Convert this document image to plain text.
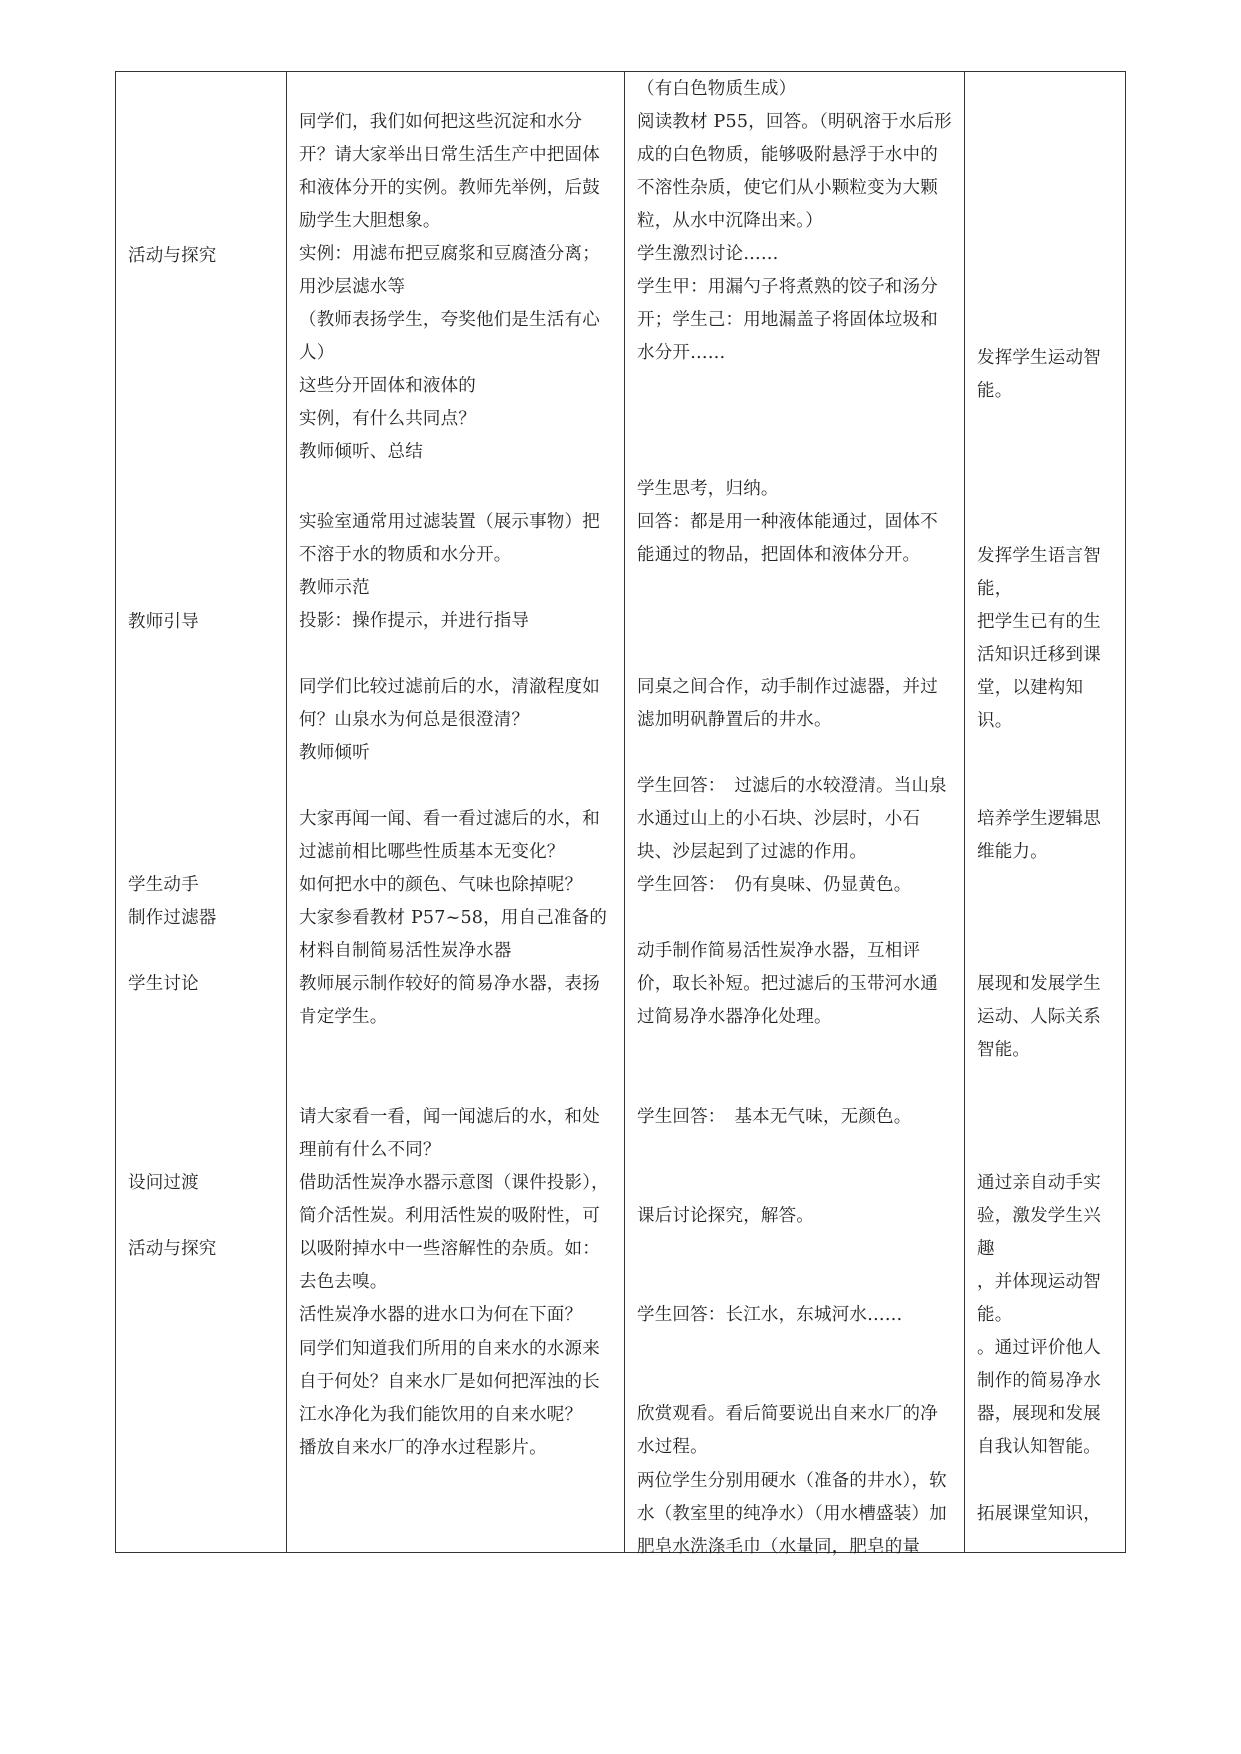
活动与探究
教师引导
学生动手
制作过滤器
学生讨论
设问过渡
活动与探究
同学们，我们如何把这些沉淀和水分开？请大家举出日常生活生产中把固体和液体分开的实例。教师先举例，后鼓励学生大胆想象。
实例：用滤布把豆腐浆和豆腐渣分离；用沙层滤水等
（教师表扬学生，夸奖他们是生活有心人）
这些分开固体和液体的
实例，有什么共同点？
教师倾听、总结
实验室通常用过滤装置（展示事物）把不溶于水的物质和水分开。
教师示范
投影：操作提示，并进行指导
同学们比较过滤前后的水，清澈程度如何？山泉水为何总是很澄清？
教师倾听
大家再闻一闻、看一看过滤后的水，和过滤前相比哪些性质基本无变化？
如何把水中的颜色、气味也除掉呢？
大家参看教材 P57~58，用自己准备的材料自制简易活性炭净水器
教师展示制作较好的简易净水器，表扬肯定学生。
请大家看一看，闻一闻滤后的水，和处理前有什么不同？
借助活性炭净水器示意图（课件投影），简介活性炭。利用活性炭的吸附性，可以吸附掉水中一些溶解性的杂质。如：去色去嗅。
活性炭净水器的进水口为何在下面？
同学们知道我们所用的自来水的水源来自于何处？自来水厂是如何把浑浊的长江水净化为我们能饮用的自来水呢？
播放自来水厂的净水过程影片。
（有白色物质生成）
阅读教材 P55，回答。（明矾溶于水后形成的白色物质，能够吸附悬浮于水中的不溶性杂质，使它们从小颗粒变为大颗粒，从水中沉降出来。）
学生激烈讨论……
学生甲：用漏勺子将煮熟的饺子和汤分开；学生己：用地漏盖子将固体垃圾和水分开……
学生思考，归纳。
回答：都是用一种液体能通过，固体不能通过的物品，把固体和液体分开。
同桌之间合作，动手制作过滤器，并过滤加明矾静置后的井水。
学生回答：　过滤后的水较澄清。当山泉水通过山上的小石块、沙层时，小石块、沙层起到了过滤的作用。
学生回答：　仍有臭味、仍显黄色。
动手制作简易活性炭净水器，互相评价，取长补短。把过滤后的玉带河水通过简易净水器净化处理。
学生回答：　基本无气味，无颜色。
课后讨论探究，解答。
学生回答：长江水，东城河水……
欣赏观看。看后简要说出自来水厂的净水过程。
两位学生分别用硬水（准备的井水），软水（教室里的纯净水）（用水槽盛装）加肥皂水洗涤毛巾（水量同，肥皂的量
发挥学生运动智能。
发挥学生语言智能，
把学生已有的生活知识迁移到课堂，以建构知识。
培养学生逻辑思维能力。
展现和发展学生运动、人际关系智能。
通过亲自动手实验，激发学生兴趣
，并体现运动智能。
。通过评价他人制作的简易净水器，展现和发展自我认知智能。
拓展课堂知识，
